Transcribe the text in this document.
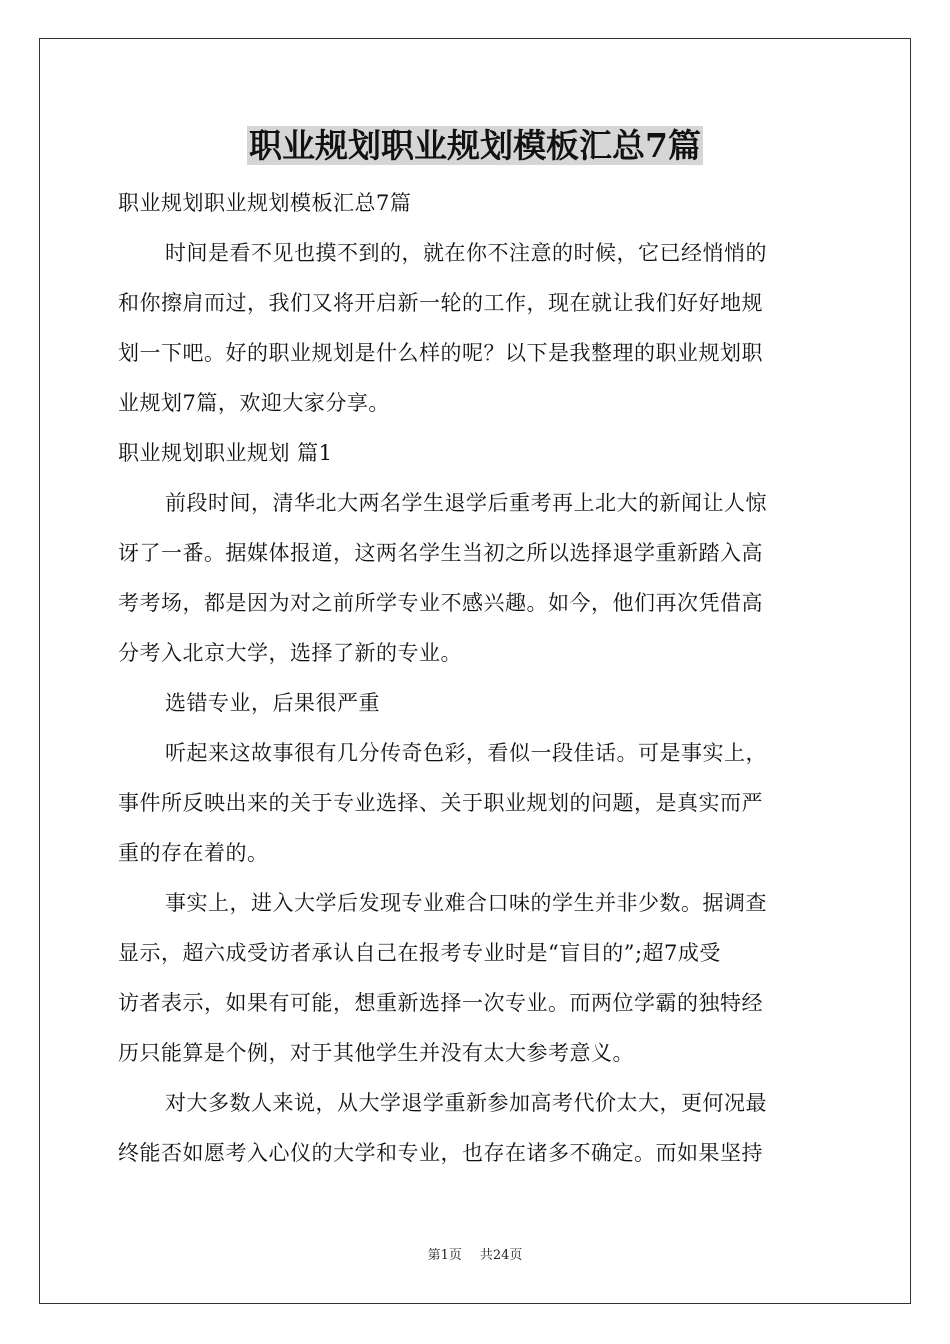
职业规划职业规划模板汇总7篇
职业规划职业规划模板汇总7篇
时间是看不见也摸不到的，就在你不注意的时候，它已经悄悄的
和你擦肩而过，我们又将开启新一轮的工作，现在就让我们好好地规
划一下吧。好的职业规划是什么样的呢？以下是我整理的职业规划职
业规划7篇，欢迎大家分享。
职业规划职业规划 篇1
前段时间，清华北大两名学生退学后重考再上北大的新闻让人惊
讶了一番。据媒体报道，这两名学生当初之所以选择退学重新踏入高
考考场，都是因为对之前所学专业不感兴趣。如今，他们再次凭借高
分考入北京大学，选择了新的专业。
选错专业，后果很严重
听起来这故事很有几分传奇色彩，看似一段佳话。可是事实上，
事件所反映出来的关于专业选择、关于职业规划的问题，是真实而严
重的存在着的。
事实上，进入大学后发现专业难合口味的学生并非少数。据调查
显示，超六成受访者承认自己在报考专业时是“盲目的”;超7成受
访者表示，如果有可能，想重新选择一次专业。而两位学霸的独特经
历只能算是个例，对于其他学生并没有太大参考意义。
对大多数人来说，从大学退学重新参加高考代价太大，更何况最
终能否如愿考入心仪的大学和专业，也存在诸多不确定。而如果坚持
第1页 共24页
